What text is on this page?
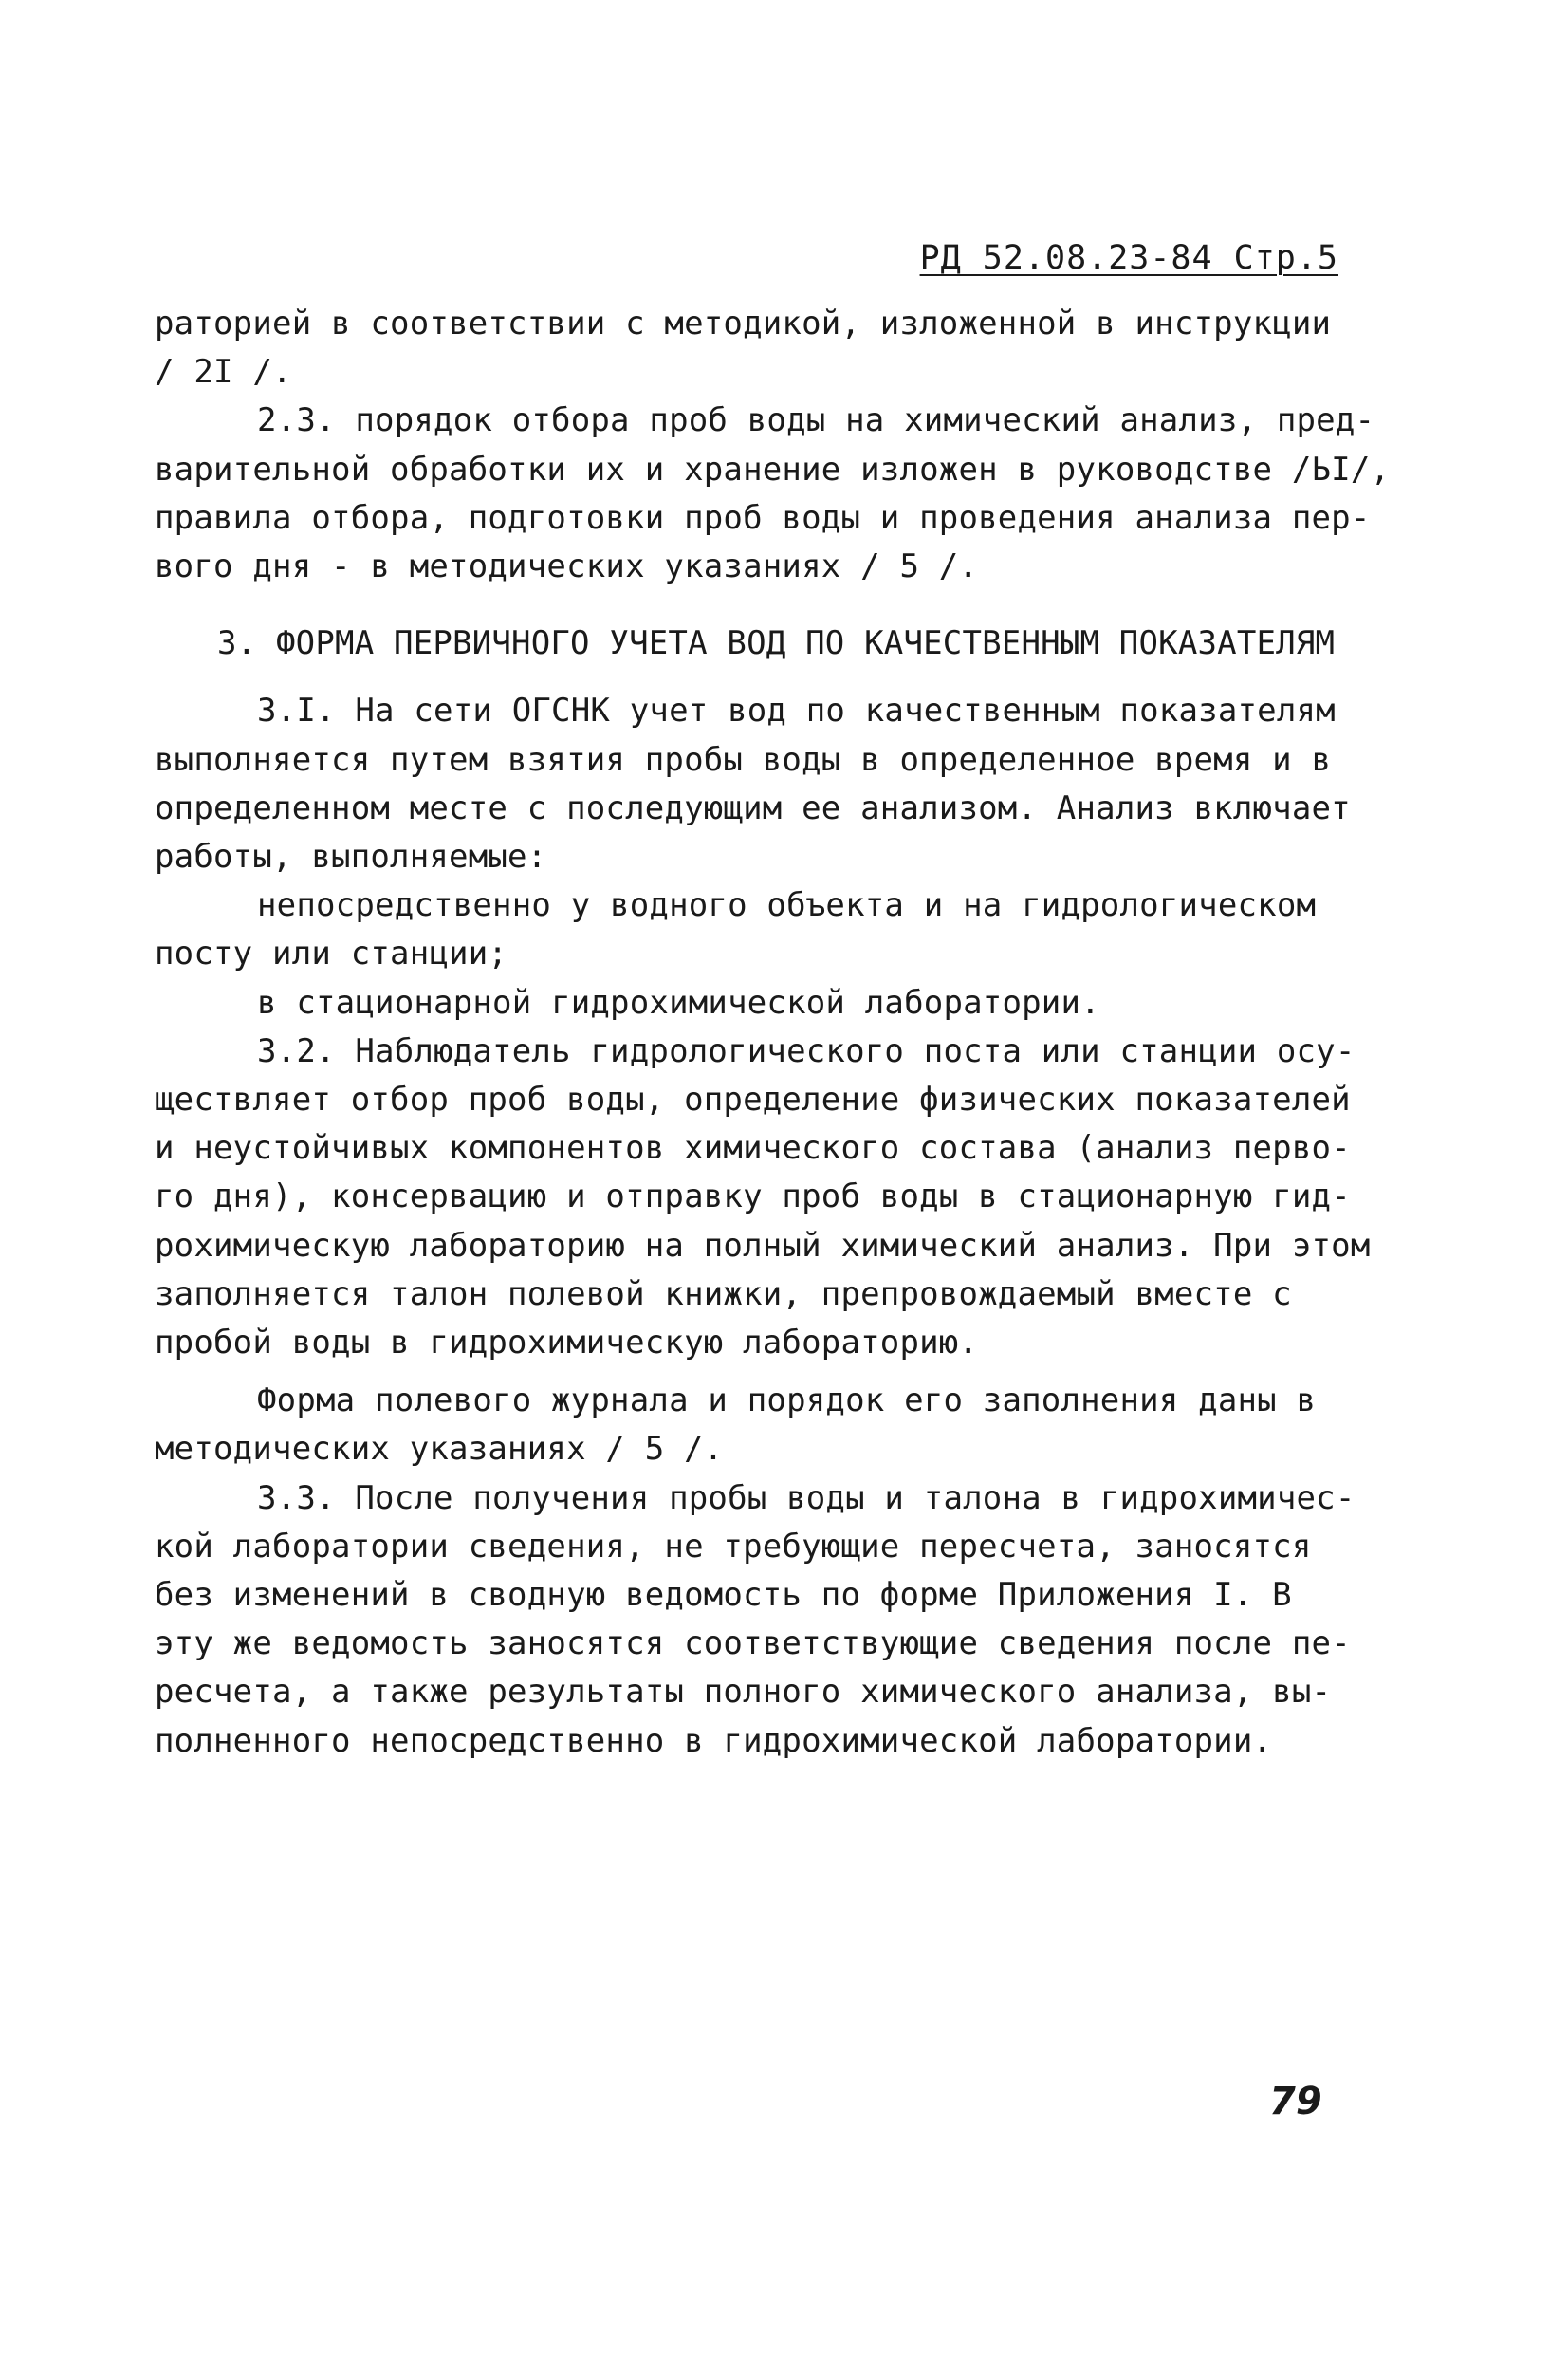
РД 52.08.23-84 Стр.5
раторией в соответствии с методикой, изложенной в инструкции
/ 2I /.
2.3. порядок отбора проб воды на химический анализ, пред-
варительной обработки их и хранение изложен в руководстве /ЬI/,
правила отбора, подготовки проб воды и проведения анализа пер-
вого дня - в методических указаниях / 5 /.
3. ФОРМА ПЕРВИЧНОГО УЧЕТА ВОД ПО КАЧЕСТВЕННЫМ ПОКАЗАТЕЛЯМ
3.I. На сети ОГСНК учет вод по качественным показателям
выполняется путем взятия пробы воды в определенное время и в
определенном месте с последующим ее анализом. Анализ включает
работы, выполняемые:
непосредственно у водного объекта и на гидрологическом
посту или станции;
в стационарной гидрохимической лаборатории.
3.2. Наблюдатель гидрологического поста или станции осу-
ществляет отбор проб воды, определение физических показателей
и неустойчивых компонентов химического состава (анализ перво-
го дня), консервацию и отправку проб воды в стационарную гид-
рохимическую лабораторию на полный химический анализ. При этом
заполняется талон полевой книжки, препровождаемый вместе с
пробой воды в гидрохимическую лабораторию.
Форма полевого журнала и порядок его заполнения даны в
методических указаниях / 5 /.
3.3. После получения пробы воды и талона в гидрохимичес-
кой лаборатории сведения, не требующие пересчета, заносятся
без изменений в сводную ведомость по форме Приложения I. В
эту же ведомость заносятся соответствующие сведения после пе-
ресчета, а также результаты полного химического анализа, вы-
полненного непосредственно в гидрохимической лаборатории.
79
